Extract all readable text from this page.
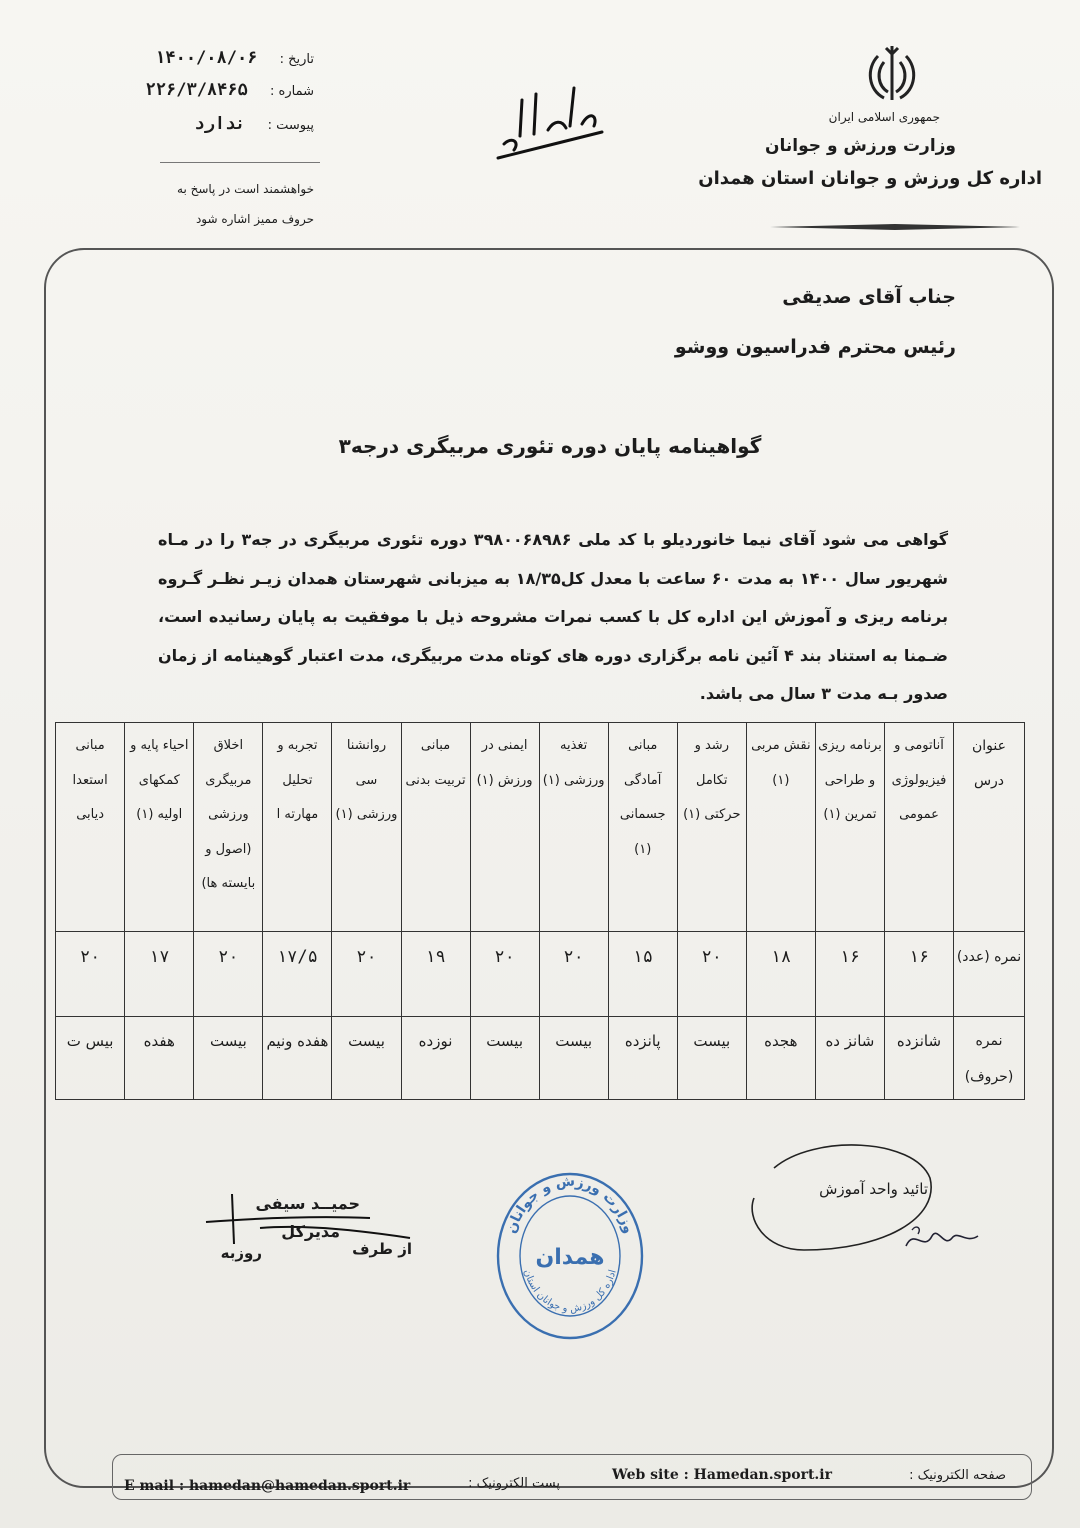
جمهوری اسلامی ایران
وزارت ورزش و جوانان
اداره کل ورزش و جوانان استان همدان
تاریخ : ۱۴۰۰/۰۸/۰۶
شماره : ۲۲۶/۳/۸۴۶۵
پیوست : ندارد
خواهشمند است در پاسخ به حروف ممیز اشاره شود
جناب آقای صدیقی
رئیس محترم فدراسیون ووشو
گواهینامه پایان دوره تئوری مربیگری درجه۳
گواهی می شود آقای نیما خانوردیلو با کد ملی ۳۹۸۰۰۶۸۹۸۶ دوره تئوری مربیگری در جه۳ را در مـاه شهریور سال ۱۴۰۰ به مدت ۶۰ ساعت با معدل کل۱۸/۳۵ به میزبانی شهرستان همدان زیـر نظـر گـروه برنامه ریزی و آموزش این اداره کل با کسب نمرات مشروحه ذیل با موفقیت به پایان رسانیده است، ضـمنا به استناد بند ۴ آئین نامه برگزاری دوره های کوتاه مدت مربیگری، مدت اعتبار گوهینامه از زمان صدور بـه مدت ۳ سال می باشد.
عنوان درس	آناتومی و فیزیولوژی عمومی	برنامه ریزی و طراحی تمرین (۱)	نقش مربی (۱)	رشد و تکامل حرکتی (۱)	مبانی آمادگی جسمانی (۱)	تغذیه ورزشی (۱)	ایمنی در ورزش (۱)	مبانی تربیت بدنی	روانشنا سی ورزشی (۱)	تجربه و تحلیل مهارته ا	اخلاق مربیگری ورزشی (اصول و بایسته ها)	احیاء پایه و کمکهای اولیه (۱)	مبانی استعدا دیابی
نمره (عدد)	۱۶	۱۶	۱۸	۲۰	۱۵	۲۰	۲۰	۱۹	۲۰	۱۷/۵	۲۰	۱۷	۲۰
نمره (حروف)	شانزده	شانز ده	هجده	بیست	پانزده	بیست	بیست	نوزده	بیست	هفده ونیم	بیست	هفده	بیس ت
تائید واحد آموزش
وزارت ورزش و جوانان
همدان
اداره کل ورزش و جوانان استان
حمیــد سیفی
مدیرکل
از طرف
روزبه
صفحه الکترونیک :
Web site : Hamedan.sport.ir
پست الکترونیک :
E mail : hamedan@hamedan.sport.ir
